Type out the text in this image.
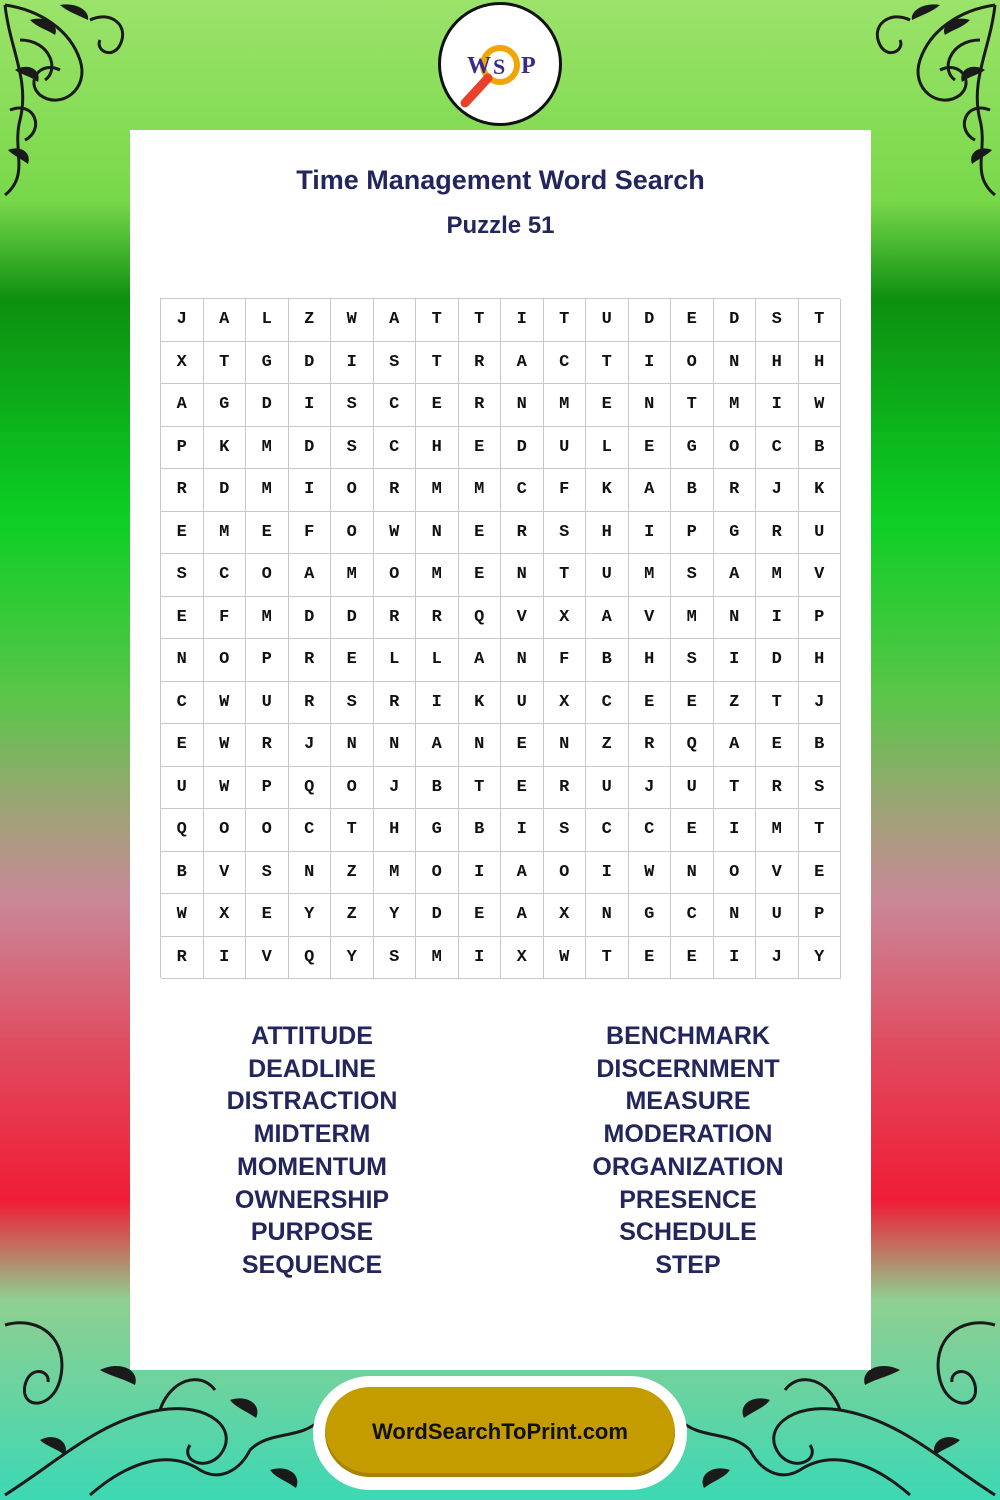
W S P
Time Management Word Search
Puzzle 51
J	A	L	Z	W	A	T	T	I	T	U	D	E	D	S	T
X	T	G	D	I	S	T	R	A	C	T	I	O	N	H	H
A	G	D	I	S	C	E	R	N	M	E	N	T	M	I	W
P	K	M	D	S	C	H	E	D	U	L	E	G	O	C	B
R	D	M	I	O	R	M	M	C	F	K	A	B	R	J	K
E	M	E	F	O	W	N	E	R	S	H	I	P	G	R	U
S	C	O	A	M	O	M	E	N	T	U	M	S	A	M	V
E	F	M	D	D	R	R	Q	V	X	A	V	M	N	I	P
N	O	P	R	E	L	L	A	N	F	B	H	S	I	D	H
C	W	U	R	S	R	I	K	U	X	C	E	E	Z	T	J
E	W	R	J	N	N	A	N	E	N	Z	R	Q	A	E	B
U	W	P	Q	O	J	B	T	E	R	U	J	U	T	R	S
Q	O	O	C	T	H	G	B	I	S	C	C	E	I	M	T
B	V	S	N	Z	M	O	I	A	O	I	W	N	O	V	E
W	X	E	Y	Z	Y	D	E	A	X	N	G	C	N	U	P
R	I	V	Q	Y	S	M	I	X	W	T	E	E	I	J	Y
ATTITUDE
DEADLINE
DISTRACTION
MIDTERM
MOMENTUM
OWNERSHIP
PURPOSE
SEQUENCE
BENCHMARK
DISCERNMENT
MEASURE
MODERATION
ORGANIZATION
PRESENCE
SCHEDULE
STEP
WordSearchToPrint.com
